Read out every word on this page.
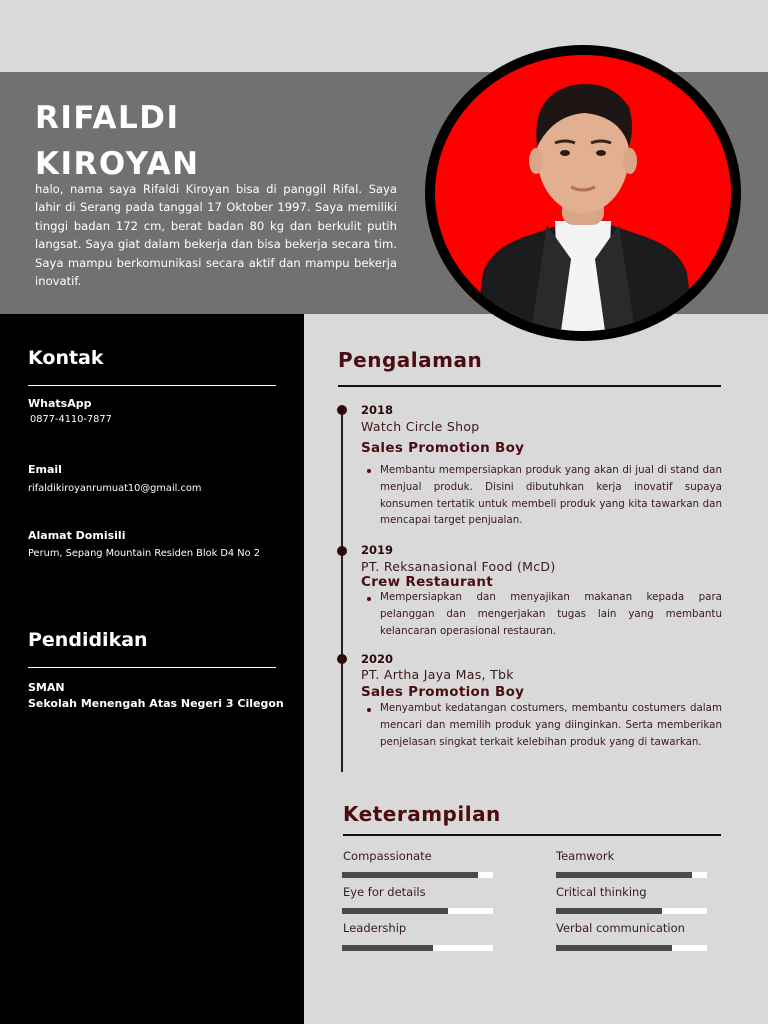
RIFALDI
KIROYAN
halo, nama saya Rifaldi Kiroyan bisa di panggil Rifal. Saya lahir di Serang pada tanggal 17 Oktober 1997. Saya memiliki tinggi badan 172 cm, berat badan 80 kg dan berkulit putih langsat. Saya giat dalam bekerja dan bisa bekerja secara tim. Saya mampu berkomunikasi secara aktif dan mampu bekerja inovatif.
Kontak
WhatsApp
0877-4110-7877
Email
rifaldikiroyanrumuat10@gmail.com
Alamat Domisili
Perum, Sepang Mountain Residen Blok D4 No 2
Pendidikan
SMAN
Sekolah Menengah Atas Negeri 3 Cilegon
Pengalaman
2018
Watch Circle Shop
Sales Promotion Boy
Membantu mempersiapkan produk yang akan di jual di stand dan menjual produk. Disini dibutuhkan kerja inovatif supaya konsumen tertatik untuk membeli produk yang kita tawarkan dan mencapai target penjualan.
2019
PT. Reksanasional Food (McD)
Crew Restaurant
Mempersiapkan dan menyajikan makanan kepada para pelanggan dan mengerjakan tugas lain yang membantu kelancaran operasional restauran.
2020
PT. Artha Jaya Mas, Tbk
Sales Promotion Boy
Menyambut kedatangan costumers, membantu costumers dalam mencari dan memilih produk yang diinginkan. Serta memberikan penjelasan singkat terkait kelebihan produk yang di tawarkan.
Keterampilan
Compassionate	Teamwork
Eye for details	Critical thinking
Leadership	Verbal communication
